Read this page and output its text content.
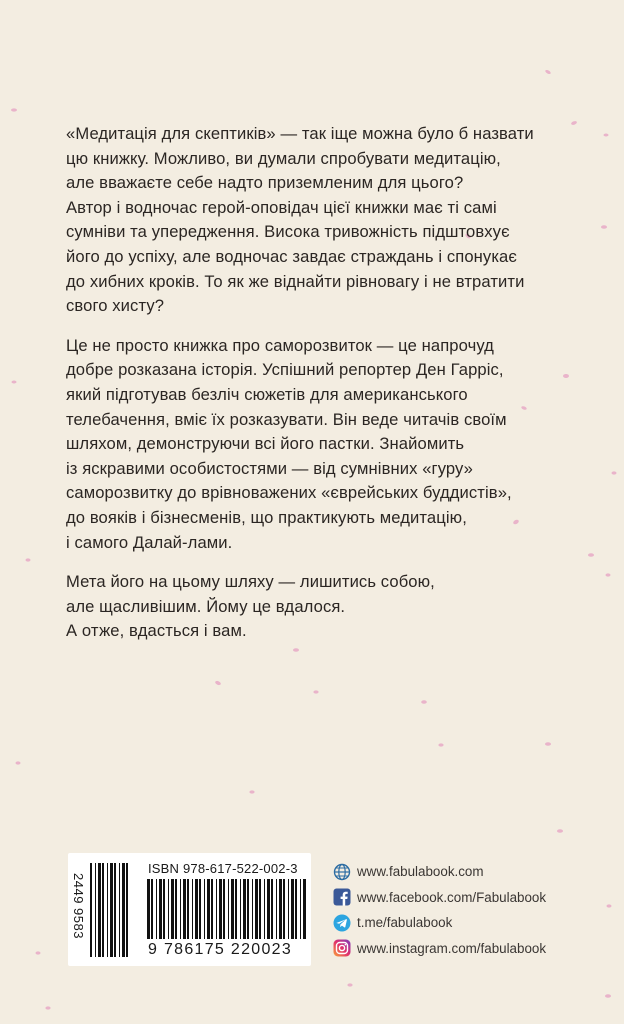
«Медитація для скептиків» — так іще можна було б назвати
цю книжку. Можливо, ви думали спробувати медитацію,
але вважаєте себе надто приземленим для цього?
Автор і водночас герой-оповідач цієї книжки має ті самі
сумніви та упередження. Висока тривожність підштовхує
його до успіху, але водночас завдає страждань і спонукає
до хибних кроків. То як же віднайти рівновагу і не втратити
свого хисту?

Це не просто книжка про саморозвиток — це напрочуд
добре розказана історія. Успішний репортер Ден Гарріс,
який підготував безліч сюжетів для американського
телебачення, вміє їх розказувати. Він веде читачів своїм
шляхом, демонструючи всі його пастки. Знайомить
із яскравими особистостями — від сумнівних «гуру»
саморозвитку до врівноважених «єврейських буддистів»,
до вояків і бізнесменів, що практикують медитацію,
і самого Далай-лами.

Мета його на цьому шляху — лишитись собою,
але щасливішим. Йому це вдалося.
А отже, вдасться і вам.

ISBN 978-617-522-002-3
2449 9583
9 786175 220023
www.fabulabook.com
www.facebook.com/Fabulabook
t.me/fabulabook
www.instagram.com/fabulabook
